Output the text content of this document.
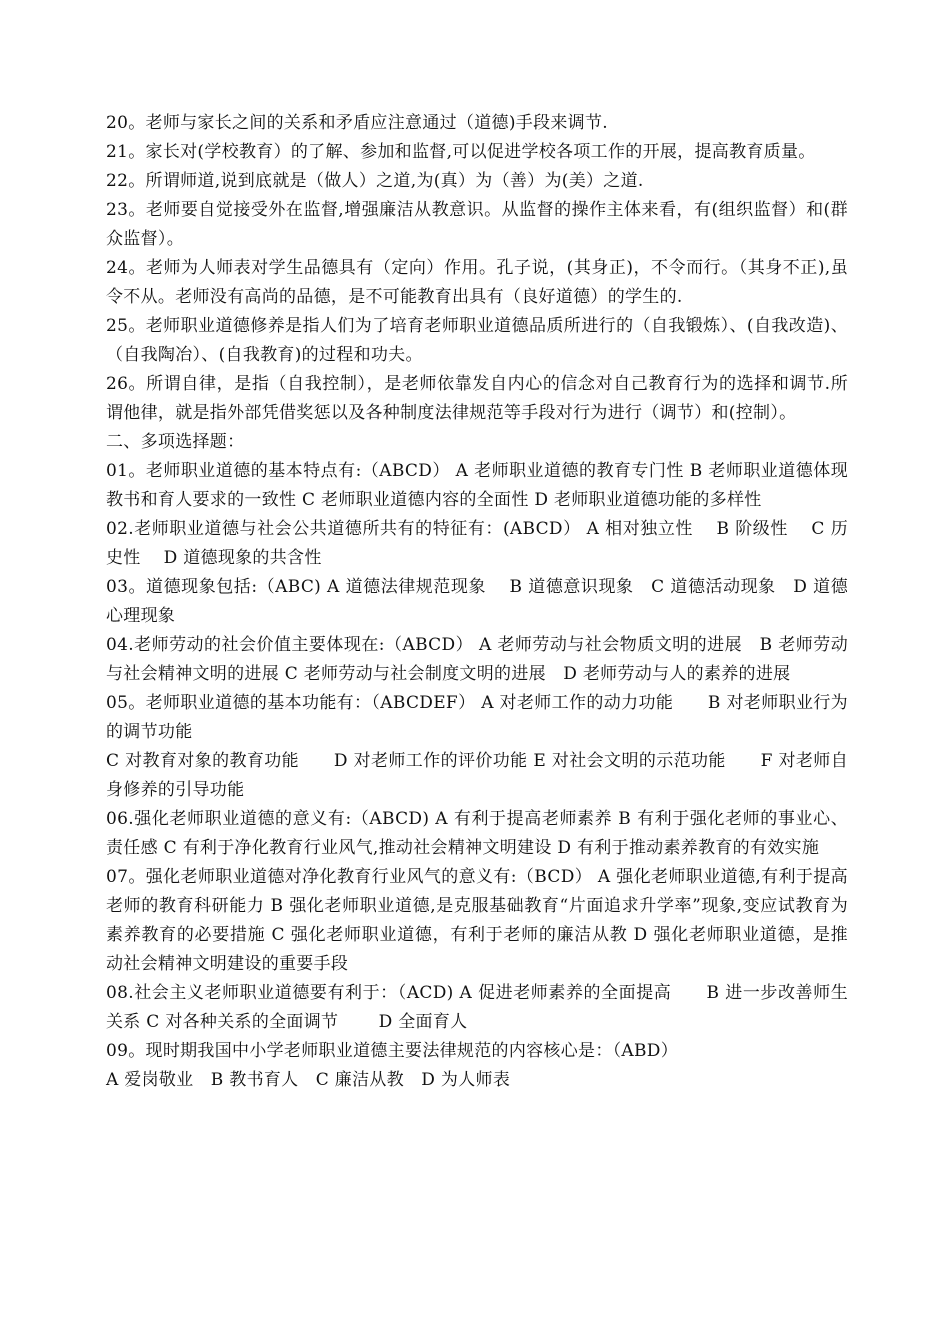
20。老师与家长之间的关系和矛盾应注意通过（道德)手段来调节.

21。家长对(学校教育）的了解、参加和监督,可以促进学校各项工作的开展，提高教育质量。

22。所谓师道,说到底就是（做人）之道,为(真）为（善）为(美）之道.

23。老师要自觉接受外在监督,增强廉洁从教意识。从监督的操作主体来看，有(组织监督）和(群众监督）。

24。老师为人师表对学生品德具有（定向）作用。孔子说，(其身正)，不令而行。（其身不正),虽令不从。老师没有高尚的品德，是不可能教育出具有（良好道德）的学生的.

25。老师职业道德修养是指人们为了培育老师职业道德品质所进行的（自我锻炼）、(自我改造)、（自我陶冶）、(自我教育)的过程和功夫。

26。所谓自律，是指（自我控制），是老师依靠发自内心的信念对自己教育行为的选择和调节.所谓他律，就是指外部凭借奖惩以及各种制度法律规范等手段对行为进行（调节）和(控制）。

二、多项选择题：

01。老师职业道德的基本特点有:（ABCD） A 老师职业道德的教育专门性 B 老师职业道德体现教书和育人要求的一致性 C 老师职业道德内容的全面性 D 老师职业道德功能的多样性

02.老师职业道德与社会公共道德所共有的特征有：(ABCD） A 相对独立性　 B 阶级性　 C 历史性　 D 道德现象的共含性

03。道德现象包括:（ABC) A 道德法律规范现象　 B 道德意识现象　C 道德活动现象　D 道德心理现象

04.老师劳动的社会价值主要体现在:（ABCD） A 老师劳动与社会物质文明的进展　B 老师劳动与社会精神文明的进展 C 老师劳动与社会制度文明的进展　D 老师劳动与人的素养的进展

05。老师职业道德的基本功能有：（ABCDEF） A 对老师工作的动力功能　　B 对老师职业行为的调节功能

C 对教育对象的教育功能　　D 对老师工作的评价功能 E 对社会文明的示范功能　　F 对老师自身修养的引导功能

06.强化老师职业道德的意义有:（ABCD) A 有利于提高老师素养 B 有利于强化老师的事业心、责任感 C 有利于净化教育行业风气,推动社会精神文明建设 D 有利于推动素养教育的有效实施

07。强化老师职业道德对净化教育行业风气的意义有:（BCD） A 强化老师职业道德,有利于提高老师的教育科研能力 B 强化老师职业道德,是克服基础教育“片面追求升学率”现象,变应试教育为素养教育的必要措施 C 强化老师职业道德，有利于老师的廉洁从教 D 强化老师职业道德，是推动社会精神文明建设的重要手段

08.社会主义老师职业道德要有利于：（ACD) A 促进老师素养的全面提高　　B 进一步改善师生关系 C 对各种关系的全面调节　　 D 全面育人

09。现时期我国中小学老师职业道德主要法律规范的内容核心是：（ABD）

A 爱岗敬业　B 教书育人　C 廉洁从教　D 为人师表
